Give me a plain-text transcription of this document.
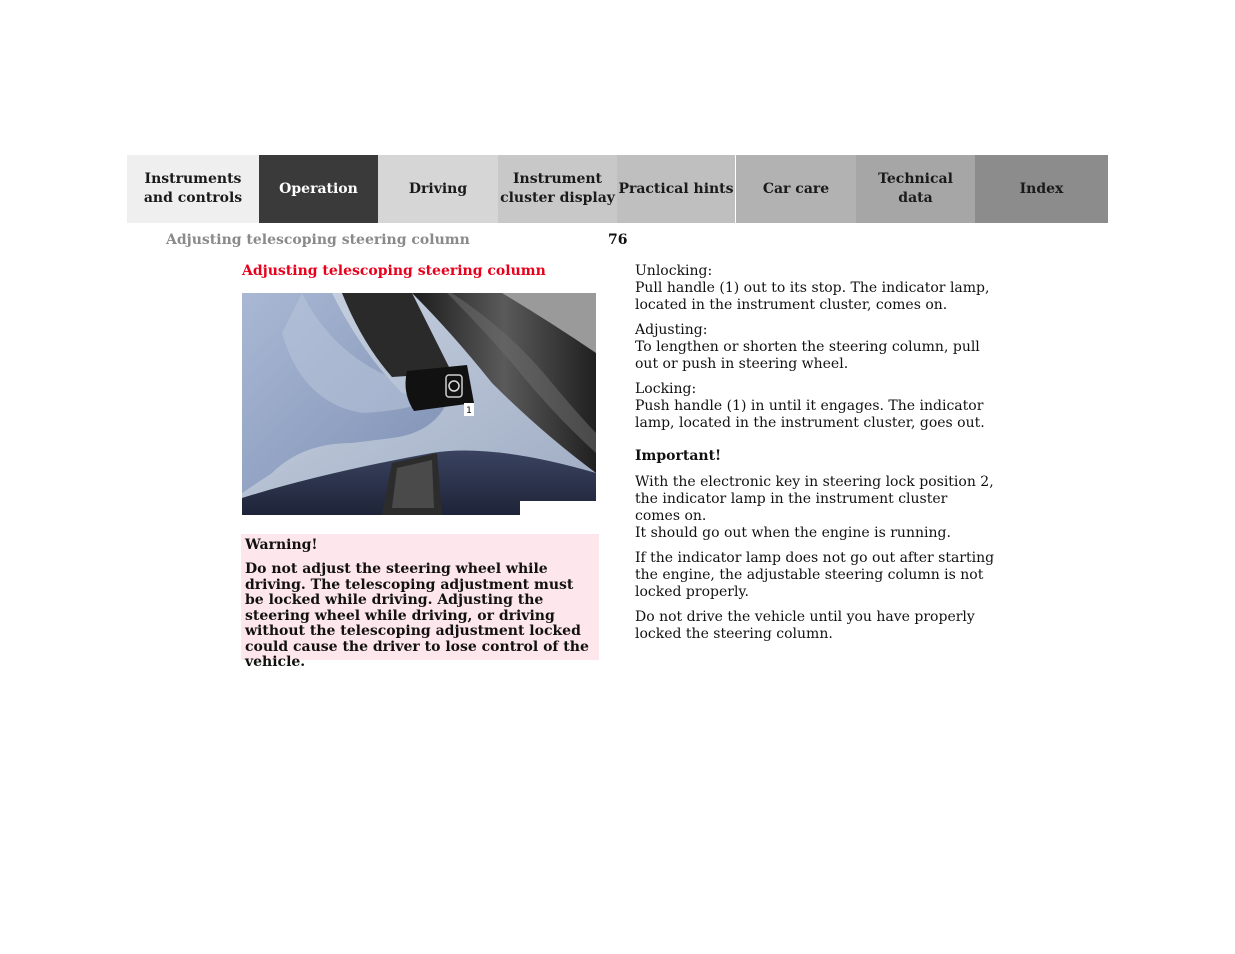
Instruments
and controls
Operation	Driving
Instrument
cluster display
Practical hints Car care
Technical
data
Index
Adjusting telescoping steering column	76
Adjusting telescoping steering column
1

Warning!

Do not adjust the steering wheel while driving. The telescoping adjustment must be locked while driving. Adjusting the steering wheel while driving, or driving without the telescoping adjustment locked could cause the driver to lose control of the vehicle.

Unlocking:
Pull handle (1) out to its stop. The indicator lamp, located in the instrument cluster, comes on.

Adjusting:
To lengthen or shorten the steering column, pull out or push in steering wheel.

Locking:
Push handle (1) in until it engages. The indicator lamp, located in the instrument cluster, goes out.

Important!

With the electronic key in steering lock position 2, the indicator lamp in the instrument cluster comes on.
It should go out when the engine is running.

If the indicator lamp does not go out after starting the engine, the adjustable steering column is not locked properly.

Do not drive the vehicle until you have properly locked the steering column.
